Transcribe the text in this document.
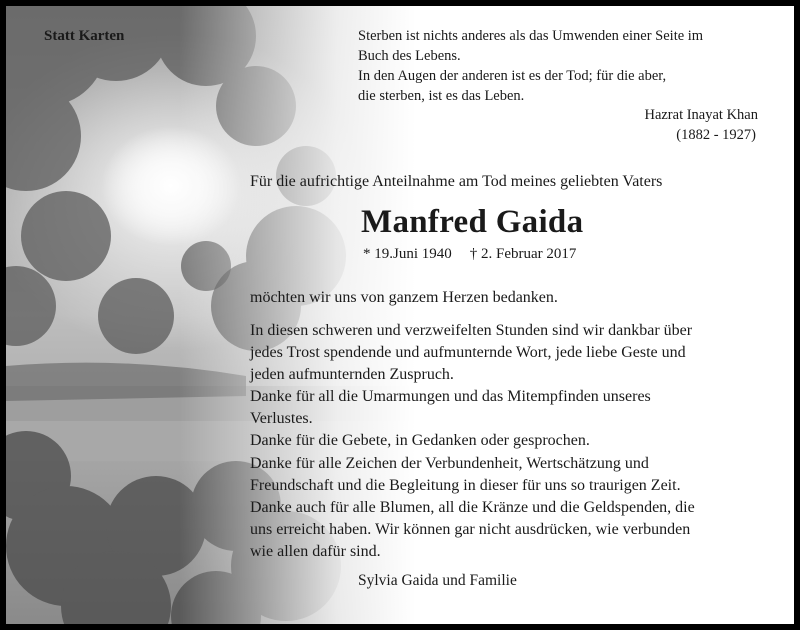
Statt Karten	Sterben ist nichts anderes als das Umwenden einer Seite im
Buch des Lebens.
In den Augen der anderen ist es der Tod; für die aber,
die sterben, ist es das Leben.
Hazrat Inayat Khan
(1882 - 1927)
Für die aufrichtige Anteilnahme am Tod meines geliebten Vaters
Manfred Gaida
* 19.Juni 1940 † 2. Februar 2017
möchten wir uns von ganzem Herzen bedanken.
In diesen schweren und verzweifelten Stunden sind wir dankbar über
jedes Trost spendende und aufmunternde Wort, jede liebe Geste und
jeden aufmunternden Zuspruch.
Danke für all die Umarmungen und das Mitempfinden unseres
Verlustes.
Danke für die Gebete, in Gedanken oder gesprochen.
Danke für alle Zeichen der Verbundenheit, Wertschätzung und
Freundschaft und die Begleitung in dieser für uns so traurigen Zeit.
Danke auch für alle Blumen, all die Kränze und die Geldspenden, die
uns erreicht haben. Wir können gar nicht ausdrücken, wie verbunden
wie allen dafür sind.
Sylvia Gaida und Familie
